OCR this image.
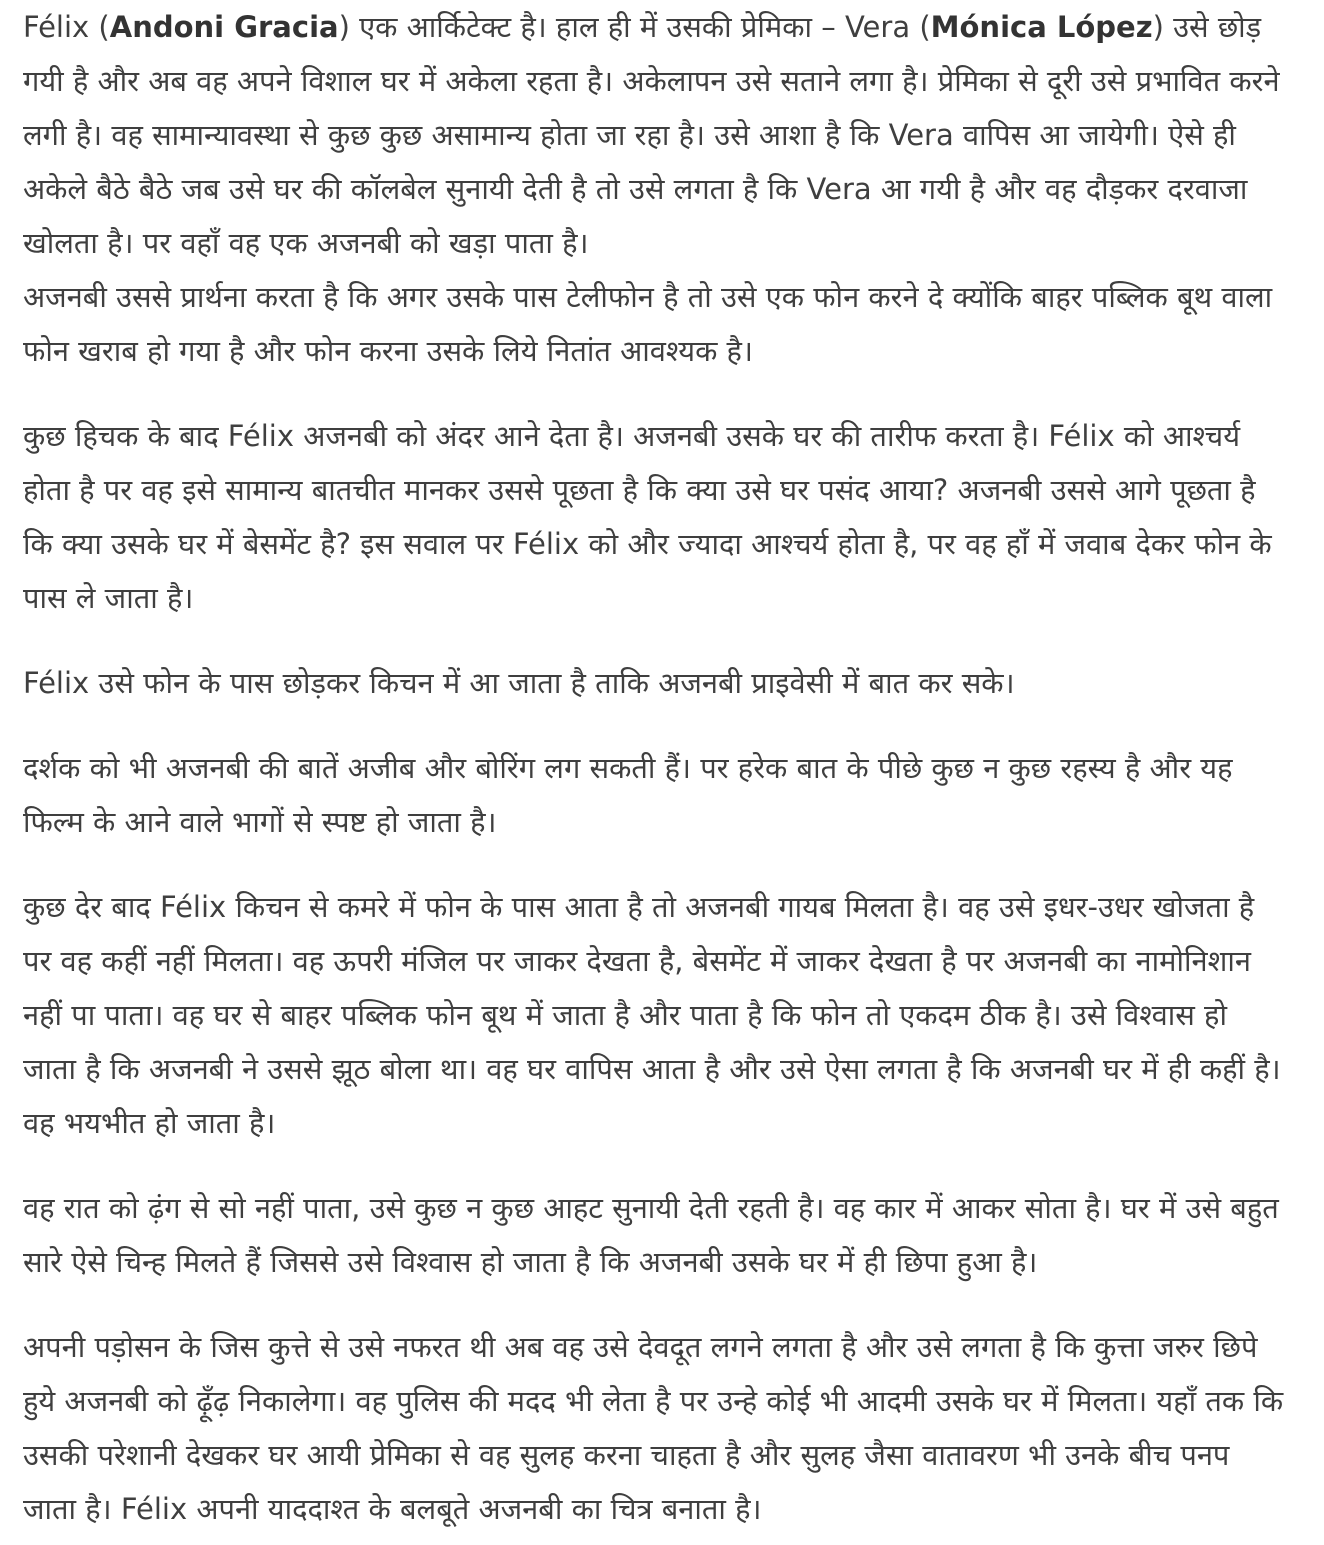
Félix (Andoni Gracia) एक आर्किटेक्ट है। हाल ही में उसकी प्रेमिका – Vera (Mónica López) उसे छोड़ गयी है और अब वह अपने विशाल घर में अकेला रहता है। अकेलापन उसे सताने लगा है। प्रेमिका से दूरी उसे प्रभावित करने लगी है। वह सामान्यावस्था से कुछ कुछ असामान्य होता जा रहा है। उसे आशा है कि Vera वापिस आ जायेगी। ऐसे ही अकेले बैठे बैठे जब उसे घर की कॉलबेल सुनायी देती है तो उसे लगता है कि Vera आ गयी है और वह दौड़कर दरवाजा खोलता है। पर वहाँ वह एक अजनबी को खड़ा पाता है।

अजनबी उससे प्रार्थना करता है कि अगर उसके पास टेलीफोन है तो उसे एक फोन करने दे क्योंकि बाहर पब्लिक बूथ वाला फोन खराब हो गया है और फोन करना उसके लिये नितांत आवश्यक है।

कुछ हिचक के बाद Félix अजनबी को अंदर आने देता है। अजनबी उसके घर की तारीफ करता है। Félix को आश्चर्य होता है पर वह इसे सामान्य बातचीत मानकर उससे पूछता है कि क्या उसे घर पसंद आया? अजनबी उससे आगे पूछता है कि क्या उसके घर में बेसमेंट है? इस सवाल पर Félix को और ज्यादा आश्चर्य होता है, पर वह हाँ में जवाब देकर फोन के पास ले जाता है।

Félix उसे फोन के पास छोड़कर किचन में आ जाता है ताकि अजनबी प्राइवेसी में बात कर सके।

दर्शक को भी अजनबी की बातें अजीब और बोरिंग लग सकती हैं। पर हरेक बात के पीछे कुछ न कुछ रहस्य है और यह फिल्म के आने वाले भागों से स्पष्ट हो जाता है।

कुछ देर बाद Félix किचन से कमरे में फोन के पास आता है तो अजनबी गायब मिलता है। वह उसे इधर-उधर खोजता है पर वह कहीं नहीं मिलता। वह ऊपरी मंजिल पर जाकर देखता है, बेसमेंट में जाकर देखता है पर अजनबी का नामोनिशान नहीं पा पाता। वह घर से बाहर पब्लिक फोन बूथ में जाता है और पाता है कि फोन तो एकदम ठीक है। उसे विश्वास हो जाता है कि अजनबी ने उससे झूठ बोला था। वह घर वापिस आता है और उसे ऐसा लगता है कि अजनबी घर में ही कहीं है। वह भयभीत हो जाता है।

वह रात को ढ़ंग से सो नहीं पाता, उसे कुछ न कुछ आहट सुनायी देती रहती है। वह कार में आकर सोता है। घर में उसे बहुत सारे ऐसे चिन्ह मिलते हैं जिससे उसे विश्वास हो जाता है कि अजनबी उसके घर में ही छिपा हुआ है।

अपनी पड़ोसन के जिस कुत्ते से उसे नफरत थी अब वह उसे देवदूत लगने लगता है और उसे लगता है कि कुत्ता जरुर छिपे हुये अजनबी को ढ़ूँढ़ निकालेगा। वह पुलिस की मदद भी लेता है पर उन्हे कोई भी आदमी उसके घर में मिलता। यहाँ तक कि उसकी परेशानी देखकर घर आयी प्रेमिका से वह सुलह करना चाहता है और सुलह जैसा वातावरण भी उनके बीच पनप जाता है। Félix अपनी याददाश्त के बलबूते अजनबी का चित्र बनाता है।
